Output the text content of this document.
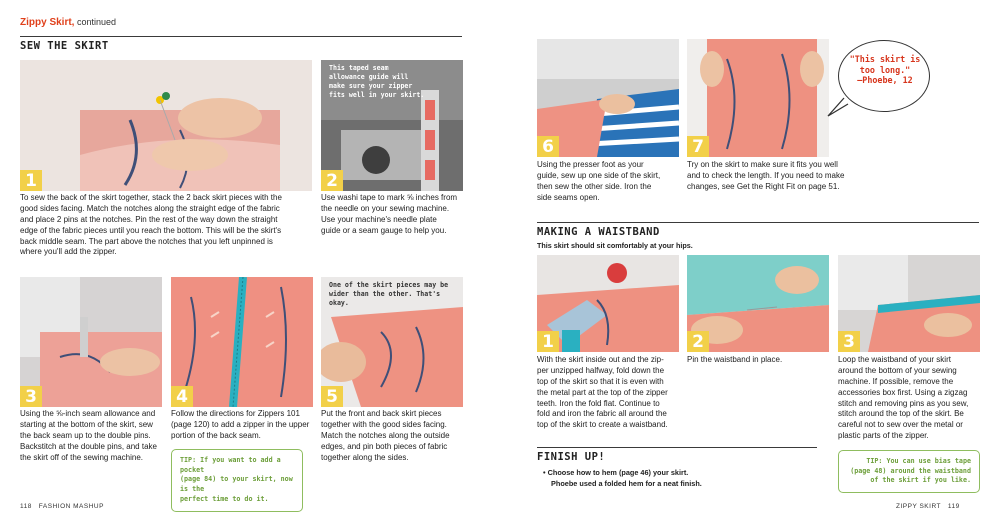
Zippy Skirt, continued
SEW THE SKIRT
1
To sew the back of the skirt together, stack the 2 back skirt pieces with the
good sides facing. Match the notches along the straight edge of the fabric
and place 2 pins at the notches. Pin the rest of the way down the straight
edge of the fabric pieces until you reach the bottom. This will be the skirt's
back middle seam. The part above the notches that you left unpinned is
where you'll add the zipper.
This taped seam
allowance guide will
make sure your zipper
fits well in your skirt.
2
Use washi tape to mark ⅝ inches from
the needle on your sewing machine.
Use your machine's needle plate
guide or a seam gauge to help you.
3
Using the ⅝-inch seam allowance and
starting at the bottom of the skirt, sew
the back seam up to the double pins.
Backstitch at the double pins, and take
the skirt off of the sewing machine.
4
Follow the directions for Zippers 101
(page 120) to add a zipper in the upper
portion of the back seam.
One of the skirt pieces may be
wider than the other. That's okay.
5
Put the front and back skirt pieces
together with the good sides facing.
Match the notches along the outside
edges, and pin both pieces of fabric
together along the sides.
TIP: If you want to add a pocket
(page 84) to your skirt, now is the
perfect time to do it.
118 FASHION MASHUP
6
Using the presser foot as your
guide, sew up one side of the skirt,
then sew the other side. Iron the
side seams open.
7
Try on the skirt to make sure it fits you well
and to check the length. If you need to make
changes, see Get the Right Fit on page 51.
"This skirt is
too long."
—Phoebe, 12
MAKING A WAISTBAND
This skirt should sit comfortably at your hips.
1
With the skirt inside out and the zip-
per unzipped halfway, fold down the
top of the skirt so that it is even with
the metal part at the top of the zipper
teeth. Iron the fold flat. Continue to
fold and iron the fabric all around the
top of the skirt to create a waistband.
2
Pin the waistband in place.
3
Loop the waistband of your skirt
around the bottom of your sewing
machine. If possible, remove the
accessories box first. Using a zigzag
stitch and removing pins as you sew,
stitch around the top of the skirt. Be
careful not to sew over the metal or
plastic parts of the zipper.
FINISH UP!
• Choose how to hem (page 46) your skirt.
Phoebe used a folded hem for a neat finish.
TIP: You can use bias tape
(page 48) around the waistband
of the skirt if you like.
ZIPPY SKIRT 119
